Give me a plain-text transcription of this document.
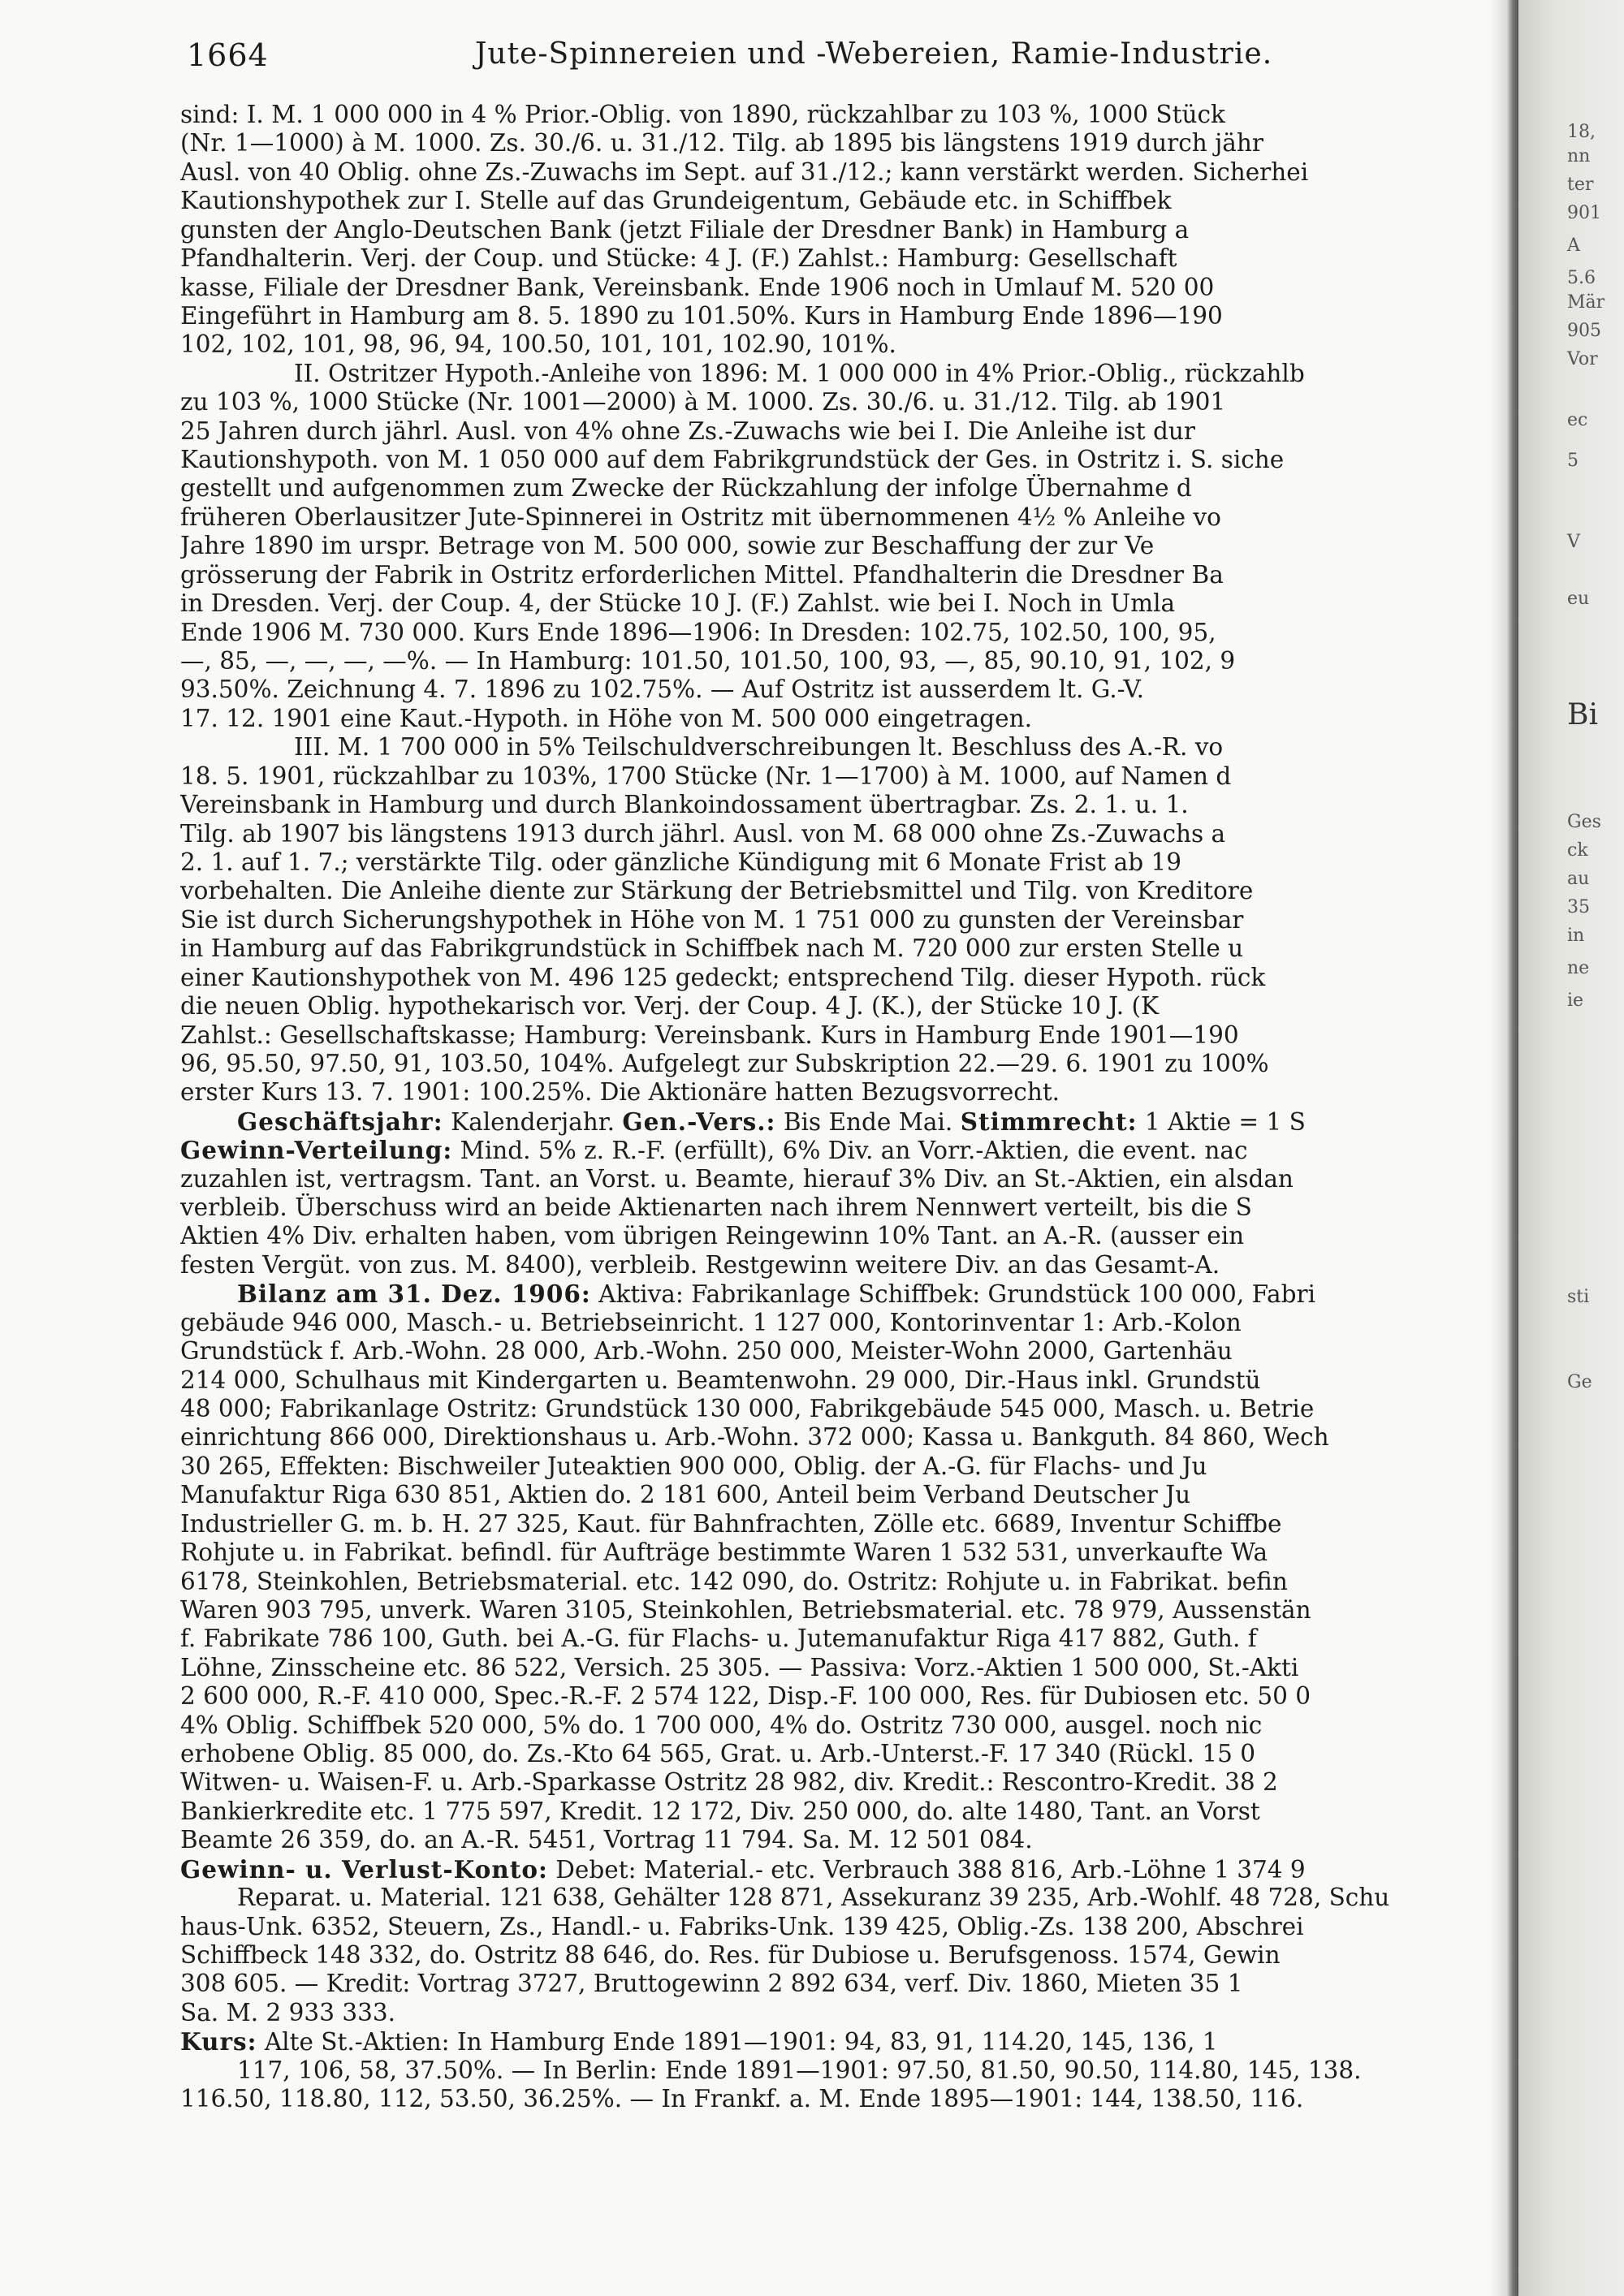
1664	Jute-Spinnereien und -Webereien, Ramie-Industrie.
sind: I. M. 1 000 000 in 4 % Prior.-Oblig. von 1890, rückzahlbar zu 103 %, 1000 Stück
(Nr. 1—1000) à M. 1000. Zs. 30./6. u. 31./12. Tilg. ab 1895 bis längstens 1919 durch jähr
Ausl. von 40 Oblig. ohne Zs.-Zuwachs im Sept. auf 31./12.; kann verstärkt werden. Sicherhei
Kautionshypothek zur I. Stelle auf das Grundeigentum, Gebäude etc. in Schiffbek
gunsten der Anglo-Deutschen Bank (jetzt Filiale der Dresdner Bank) in Hamburg a
Pfandhalterin. Verj. der Coup. und Stücke: 4 J. (F.) Zahlst.: Hamburg: Gesellschaft
kasse, Filiale der Dresdner Bank, Vereinsbank. Ende 1906 noch in Umlauf M. 520 00
Eingeführt in Hamburg am 8. 5. 1890 zu 101.50%. Kurs in Hamburg Ende 1896—190
102, 102, 101, 98, 96, 94, 100.50, 101, 101, 102.90, 101%.
II. Ostritzer Hypoth.-Anleihe von 1896: M. 1 000 000 in 4% Prior.-Oblig., rückzahlb
zu 103 %, 1000 Stücke (Nr. 1001—2000) à M. 1000. Zs. 30./6. u. 31./12. Tilg. ab 1901
25 Jahren durch jährl. Ausl. von 4% ohne Zs.-Zuwachs wie bei I. Die Anleihe ist dur
Kautionshypoth. von M. 1 050 000 auf dem Fabrikgrundstück der Ges. in Ostritz i. S. siche
gestellt und aufgenommen zum Zwecke der Rückzahlung der infolge Übernahme d
früheren Oberlausitzer Jute-Spinnerei in Ostritz mit übernommenen 4½ % Anleihe vo
Jahre 1890 im urspr. Betrage von M. 500 000, sowie zur Beschaffung der zur Ve
grösserung der Fabrik in Ostritz erforderlichen Mittel. Pfandhalterin die Dresdner Ba
in Dresden. Verj. der Coup. 4, der Stücke 10 J. (F.) Zahlst. wie bei I. Noch in Umla
Ende 1906 M. 730 000. Kurs Ende 1896—1906: In Dresden: 102.75, 102.50, 100, 95,
—, 85, —, —, —, —%. — In Hamburg: 101.50, 101.50, 100, 93, —, 85, 90.10, 91, 102, 9
93.50%. Zeichnung 4. 7. 1896 zu 102.75%. — Auf Ostritz ist ausserdem lt. G.-V.
17. 12. 1901 eine Kaut.-Hypoth. in Höhe von M. 500 000 eingetragen.
III. M. 1 700 000 in 5% Teilschuldverschreibungen lt. Beschluss des A.-R. vo
18. 5. 1901, rückzahlbar zu 103%, 1700 Stücke (Nr. 1—1700) à M. 1000, auf Namen d
Vereinsbank in Hamburg und durch Blankoindossament übertragbar. Zs. 2. 1. u. 1.
Tilg. ab 1907 bis längstens 1913 durch jährl. Ausl. von M. 68 000 ohne Zs.-Zuwachs a
2. 1. auf 1. 7.; verstärkte Tilg. oder gänzliche Kündigung mit 6 Monate Frist ab 19
vorbehalten. Die Anleihe diente zur Stärkung der Betriebsmittel und Tilg. von Kreditore
Sie ist durch Sicherungshypothek in Höhe von M. 1 751 000 zu gunsten der Vereinsbar
in Hamburg auf das Fabrikgrundstück in Schiffbek nach M. 720 000 zur ersten Stelle u
einer Kautionshypothek von M. 496 125 gedeckt; entsprechend Tilg. dieser Hypoth. rück
die neuen Oblig. hypothekarisch vor. Verj. der Coup. 4 J. (K.), der Stücke 10 J. (K
Zahlst.: Gesellschaftskasse; Hamburg: Vereinsbank. Kurs in Hamburg Ende 1901—190
96, 95.50, 97.50, 91, 103.50, 104%. Aufgelegt zur Subskription 22.—29. 6. 1901 zu 100%
erster Kurs 13. 7. 1901: 100.25%. Die Aktionäre hatten Bezugsvorrecht.
Geschäftsjahr: Kalenderjahr. Gen.-Vers.: Bis Ende Mai. Stimmrecht: 1 Aktie = 1 S
Gewinn-Verteilung: Mind. 5% z. R.-F. (erfüllt), 6% Div. an Vorr.-Aktien, die event. nac
zuzahlen ist, vertragsm. Tant. an Vorst. u. Beamte, hierauf 3% Div. an St.-Aktien, ein alsdan
verbleib. Überschuss wird an beide Aktienarten nach ihrem Nennwert verteilt, bis die S
Aktien 4% Div. erhalten haben, vom übrigen Reingewinn 10% Tant. an A.-R. (ausser ein
festen Vergüt. von zus. M. 8400), verbleib. Restgewinn weitere Div. an das Gesamt-A.
Bilanz am 31. Dez. 1906: Aktiva: Fabrikanlage Schiffbek: Grundstück 100 000, Fabri
gebäude 946 000, Masch.- u. Betriebseinricht. 1 127 000, Kontorinventar 1: Arb.-Kolon
Grundstück f. Arb.-Wohn. 28 000, Arb.-Wohn. 250 000, Meister-Wohn 2000, Gartenhäu
214 000, Schulhaus mit Kindergarten u. Beamtenwohn. 29 000, Dir.-Haus inkl. Grundstü
48 000; Fabrikanlage Ostritz: Grundstück 130 000, Fabrikgebäude 545 000, Masch. u. Betrie
einrichtung 866 000, Direktionshaus u. Arb.-Wohn. 372 000; Kassa u. Bankguth. 84 860, Wech
30 265, Effekten: Bischweiler Juteaktien 900 000, Oblig. der A.-G. für Flachs- und Ju
Manufaktur Riga 630 851, Aktien do. 2 181 600, Anteil beim Verband Deutscher Ju
Industrieller G. m. b. H. 27 325, Kaut. für Bahnfrachten, Zölle etc. 6689, Inventur Schiffbe
Rohjute u. in Fabrikat. befindl. für Aufträge bestimmte Waren 1 532 531, unverkaufte Wa
6178, Steinkohlen, Betriebsmaterial. etc. 142 090, do. Ostritz: Rohjute u. in Fabrikat. befin
Waren 903 795, unverk. Waren 3105, Steinkohlen, Betriebsmaterial. etc. 78 979, Aussenstän
f. Fabrikate 786 100, Guth. bei A.-G. für Flachs- u. Jutemanufaktur Riga 417 882, Guth. f
Löhne, Zinsscheine etc. 86 522, Versich. 25 305. — Passiva: Vorz.-Aktien 1 500 000, St.-Akti
2 600 000, R.-F. 410 000, Spec.-R.-F. 2 574 122, Disp.-F. 100 000, Res. für Dubiosen etc. 50 0
4% Oblig. Schiffbek 520 000, 5% do. 1 700 000, 4% do. Ostritz 730 000, ausgel. noch nic
erhobene Oblig. 85 000, do. Zs.-Kto 64 565, Grat. u. Arb.-Unterst.-F. 17 340 (Rückl. 15 0
Witwen- u. Waisen-F. u. Arb.-Sparkasse Ostritz 28 982, div. Kredit.: Rescontro-Kredit. 38 2
Bankierkredite etc. 1 775 597, Kredit. 12 172, Div. 250 000, do. alte 1480, Tant. an Vorst
Beamte 26 359, do. an A.-R. 5451, Vortrag 11 794. Sa. M. 12 501 084.
Gewinn- u. Verlust-Konto: Debet: Material.- etc. Verbrauch 388 816, Arb.-Löhne 1 374 9
Reparat. u. Material. 121 638, Gehälter 128 871, Assekuranz 39 235, Arb.-Wohlf. 48 728, Schu
haus-Unk. 6352, Steuern, Zs., Handl.- u. Fabriks-Unk. 139 425, Oblig.-Zs. 138 200, Abschrei
Schiffbeck 148 332, do. Ostritz 88 646, do. Res. für Dubiose u. Berufsgenoss. 1574, Gewin
308 605. — Kredit: Vortrag 3727, Bruttogewinn 2 892 634, verf. Div. 1860, Mieten 35 1
Sa. M. 2 933 333.
Kurs: Alte St.-Aktien: In Hamburg Ende 1891—1901: 94, 83, 91, 114.20, 145, 136, 1
117, 106, 58, 37.50%. — In Berlin: Ende 1891—1901: 97.50, 81.50, 90.50, 114.80, 145, 138.
116.50, 118.80, 112, 53.50, 36.25%. — In Frankf. a. M. Ende 1895—1901: 144, 138.50, 116.
18,
nn
ter
901
A
5.6
Mär
905
Vor
ec
5
V
eu
Bi
Ges
ck
au
35
in
ne
ie
sti
Ge
